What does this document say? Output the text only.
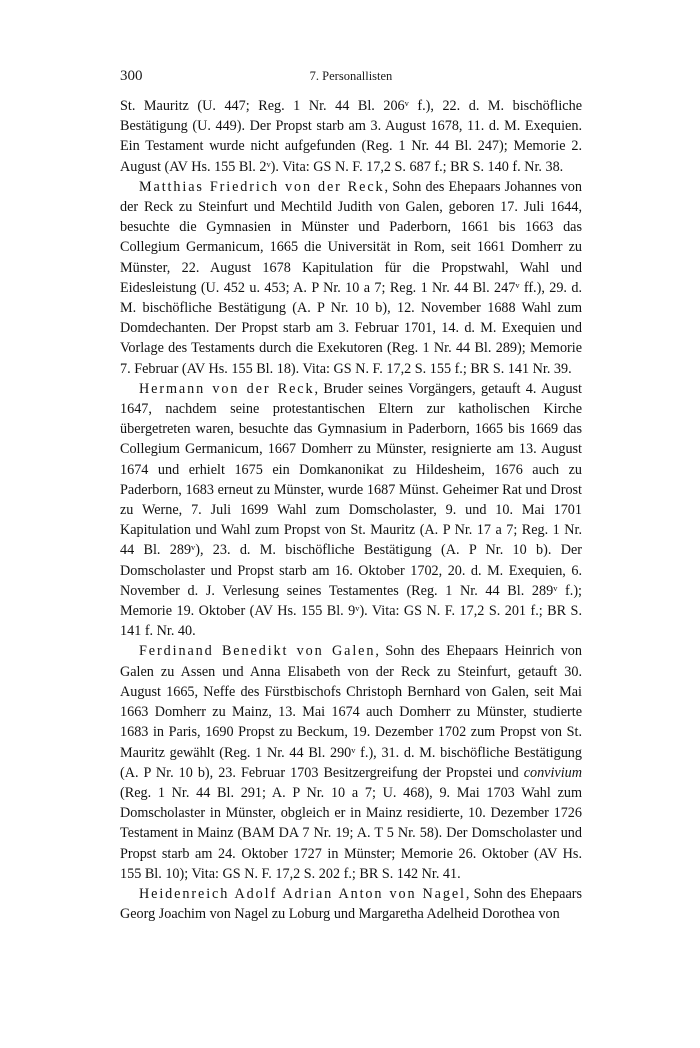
300	7. Personallisten

St. Mauritz (U. 447; Reg. 1 Nr. 44 Bl. 206ᵛ f.), 22. d. M. bischöfliche Bestätigung (U. 449). Der Propst starb am 3. August 1678, 11. d. M. Exequien. Ein Testament wurde nicht aufgefunden (Reg. 1 Nr. 44 Bl. 247); Memorie 2. August (AV Hs. 155 Bl. 2ᵛ). Vita: GS N. F. 17,2 S. 687 f.; BR S. 140 f. Nr. 38.

Matthias Friedrich von der Reck, Sohn des Ehepaars Johannes von der Reck zu Steinfurt und Mechtild Judith von Galen, geboren 17. Juli 1644, besuchte die Gymnasien in Münster und Paderborn, 1661 bis 1663 das Collegium Germanicum, 1665 die Universität in Rom, seit 1661 Domherr zu Münster, 22. August 1678 Kapitulation für die Propstwahl, Wahl und Eidesleistung (U. 452 u. 453; A. P Nr. 10 a 7; Reg. 1 Nr. 44 Bl. 247ᵛ ff.), 29. d. M. bischöfliche Bestätigung (A. P Nr. 10 b), 12. November 1688 Wahl zum Domdechanten. Der Propst starb am 3. Februar 1701, 14. d. M. Exequien und Vorlage des Testaments durch die Exekutoren (Reg. 1 Nr. 44 Bl. 289); Memorie 7. Februar (AV Hs. 155 Bl. 18). Vita: GS N. F. 17,2 S. 155 f.; BR S. 141 Nr. 39.

Hermann von der Reck, Bruder seines Vorgängers, getauft 4. August 1647, nachdem seine protestantischen Eltern zur katholischen Kirche übergetreten waren, besuchte das Gymnasium in Paderborn, 1665 bis 1669 das Collegium Germanicum, 1667 Domherr zu Münster, resignierte am 13. August 1674 und erhielt 1675 ein Domkanonikat zu Hildesheim, 1676 auch zu Paderborn, 1683 erneut zu Münster, wurde 1687 Münst. Geheimer Rat und Drost zu Werne, 7. Juli 1699 Wahl zum Domscholaster, 9. und 10. Mai 1701 Kapitulation und Wahl zum Propst von St. Mauritz (A. P Nr. 17 a 7; Reg. 1 Nr. 44 Bl. 289ᵛ), 23. d. M. bischöfliche Bestätigung (A. P Nr. 10 b). Der Domscholaster und Propst starb am 16. Oktober 1702, 20. d. M. Exequien, 6. November d. J. Verlesung seines Testamentes (Reg. 1 Nr. 44 Bl. 289ᵛ f.); Memorie 19. Oktober (AV Hs. 155 Bl. 9ᵛ). Vita: GS N. F. 17,2 S. 201 f.; BR S. 141 f. Nr. 40.

Ferdinand Benedikt von Galen, Sohn des Ehepaars Heinrich von Galen zu Assen und Anna Elisabeth von der Reck zu Steinfurt, getauft 30. August 1665, Neffe des Fürstbischofs Christoph Bernhard von Galen, seit Mai 1663 Domherr zu Mainz, 13. Mai 1674 auch Domherr zu Münster, studierte 1683 in Paris, 1690 Propst zu Beckum, 19. Dezember 1702 zum Propst von St. Mauritz gewählt (Reg. 1 Nr. 44 Bl. 290ᵛ f.), 31. d. M. bischöfliche Bestätigung (A. P Nr. 10 b), 23. Februar 1703 Besitzergreifung der Propstei und convivium (Reg. 1 Nr. 44 Bl. 291; A. P Nr. 10 a 7; U. 468), 9. Mai 1703 Wahl zum Domscholaster in Münster, obgleich er in Mainz residierte, 10. Dezember 1726 Testament in Mainz (BAM DA 7 Nr. 19; A. T 5 Nr. 58). Der Domscholaster und Propst starb am 24. Oktober 1727 in Münster; Memorie 26. Oktober (AV Hs. 155 Bl. 10); Vita: GS N. F. 17,2 S. 202 f.; BR S. 142 Nr. 41.

Heidenreich Adolf Adrian Anton von Nagel, Sohn des Ehepaars Georg Joachim von Nagel zu Loburg und Margaretha Adelheid Dorothea von
